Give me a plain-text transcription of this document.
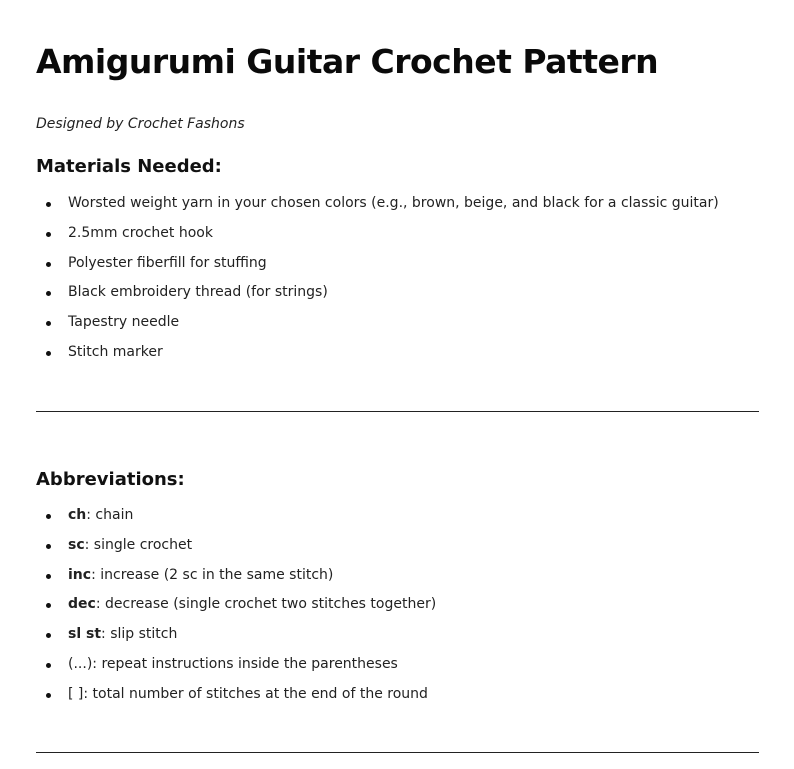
Amigurumi Guitar Crochet Pattern

Designed by Crochet Fashons

Materials Needed:
Worsted weight yarn in your chosen colors (e.g., brown, beige, and black for a classic guitar)
2.5mm crochet hook
Polyester fiberfill for stuffing
Black embroidery thread (for strings)
Tapestry needle
Stitch marker
Abbreviations:
ch: chain
sc: single crochet
inc: increase (2 sc in the same stitch)
dec: decrease (single crochet two stitches together)
sl st: slip stitch
(...): repeat instructions inside the parentheses
[ ]: total number of stitches at the end of the round
